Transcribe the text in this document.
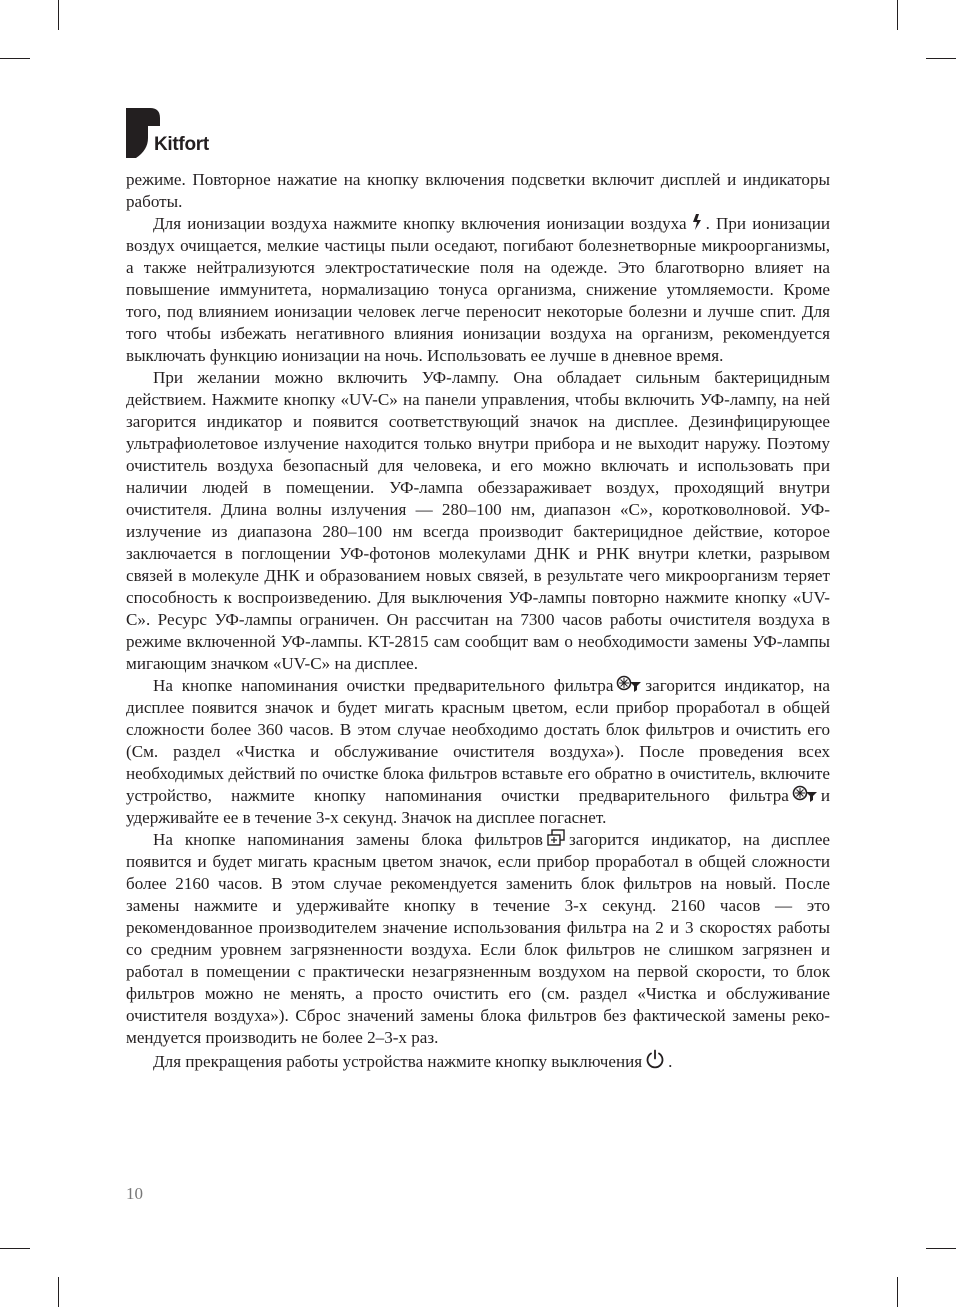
Kitfort

режиме. Повторное нажатие на кнопку включения подсветки включит дисплей и индикаторы работы.

Для ионизации воздуха нажмите кнопку включения ионизации воздуха . При ионизации воздух очищается, мелкие частицы пыли оседают, погибают болезнетворные микроорганизмы, а также нейтрализуются электростатические поля на одежде. Это благотворно влияет на повышение иммунитета, нормализацию тонуса организма, снижение утомляемости. Кроме того, под влиянием ионизации человек легче переносит некоторые болезни и лучше спит. Для того чтобы избежать негативного влияния ионизации воздуха на организм, рекомендуется выключать функцию ионизации на ночь. Использовать ее лучше в дневное время.

При желании можно включить УФ-лампу. Она обладает сильным бактерицидным действием. Нажмите кнопку «UV-C» на панели управления, чтобы включить УФ-лампу, на ней загорится индикатор и появится соответствующий значок на дисплее. Дезинфицирующее ультрафиолетовое излучение находится только внутри прибора и не выходит наружу. Поэтому очиститель воздуха безопасный для человека, и его можно включать и использовать при наличии людей в помещении. УФ-лампа обеззараживает воздух, проходящий внутри очистителя. Длина волны излучения — 280–100 нм, диапазон «С», коротковолновой. УФ-излучение из диапазона 280–100 нм всегда производит бактерицидное действие, которое заключается в поглощении УФ-фотонов молекулами ДНК и РНК внутри клетки, разрывом связей в молекуле ДНК и образованием новых связей, в результате чего микроорганизм теряет способность к воспроизведению. Для выключения УФ-лампы повторно нажмите кнопку «UV-C». Ресурс УФ-лампы ограничен. Он рассчитан на 7300 часов работы очистителя воздуха в режиме включенной УФ-лампы. KT-2815 сам сообщит вам о необходимости замены УФ-лампы мигающим значком «UV-C» на дисплее.

На кнопке напоминания очистки предварительного фильтра загорится индикатор, на дисплее появится значок и будет мигать красным цветом, если прибор проработал в общей сложности более 360 часов. В этом случае необходимо достать блок фильтров и очистить его (См. раздел «Чистка и обслуживание очистителя воздуха»). После проведения всех необходимых действий по очистке блока фильтров вставьте его обратно в очиститель, включите устройство, нажмите кнопку напоминания очистки предварительного фильтра и удерживайте ее в течение 3-х секунд. Значок на дисплее погаснет.

На кнопке напоминания замены блока фильтров загорится индикатор, на дисплее появится и будет мигать красным цветом значок, если прибор проработал в общей сложности более 2160 часов. В этом случае рекомендуется заменить блок фильтров на новый. После замены нажмите и удерживайте кнопку в течение 3-х секунд. 2160 часов — это рекомендованное производителем значение использования фильтра на 2 и 3 скоростях работы со средним уровнем загрязненности воздуха. Если блок фильтров не слишком загрязнен и работал в помещении с практически незагрязненным воздухом на первой скорости, то блок фильтров можно не менять, а просто очистить его (см. раздел «Чистка и обслуживание очистителя воздуха»). Сброс значений замены блока фильтров без фактической замены рекомендуется производить не более 2–3-х раз.

Для прекращения работы устройства нажмите кнопку выключения .

10
